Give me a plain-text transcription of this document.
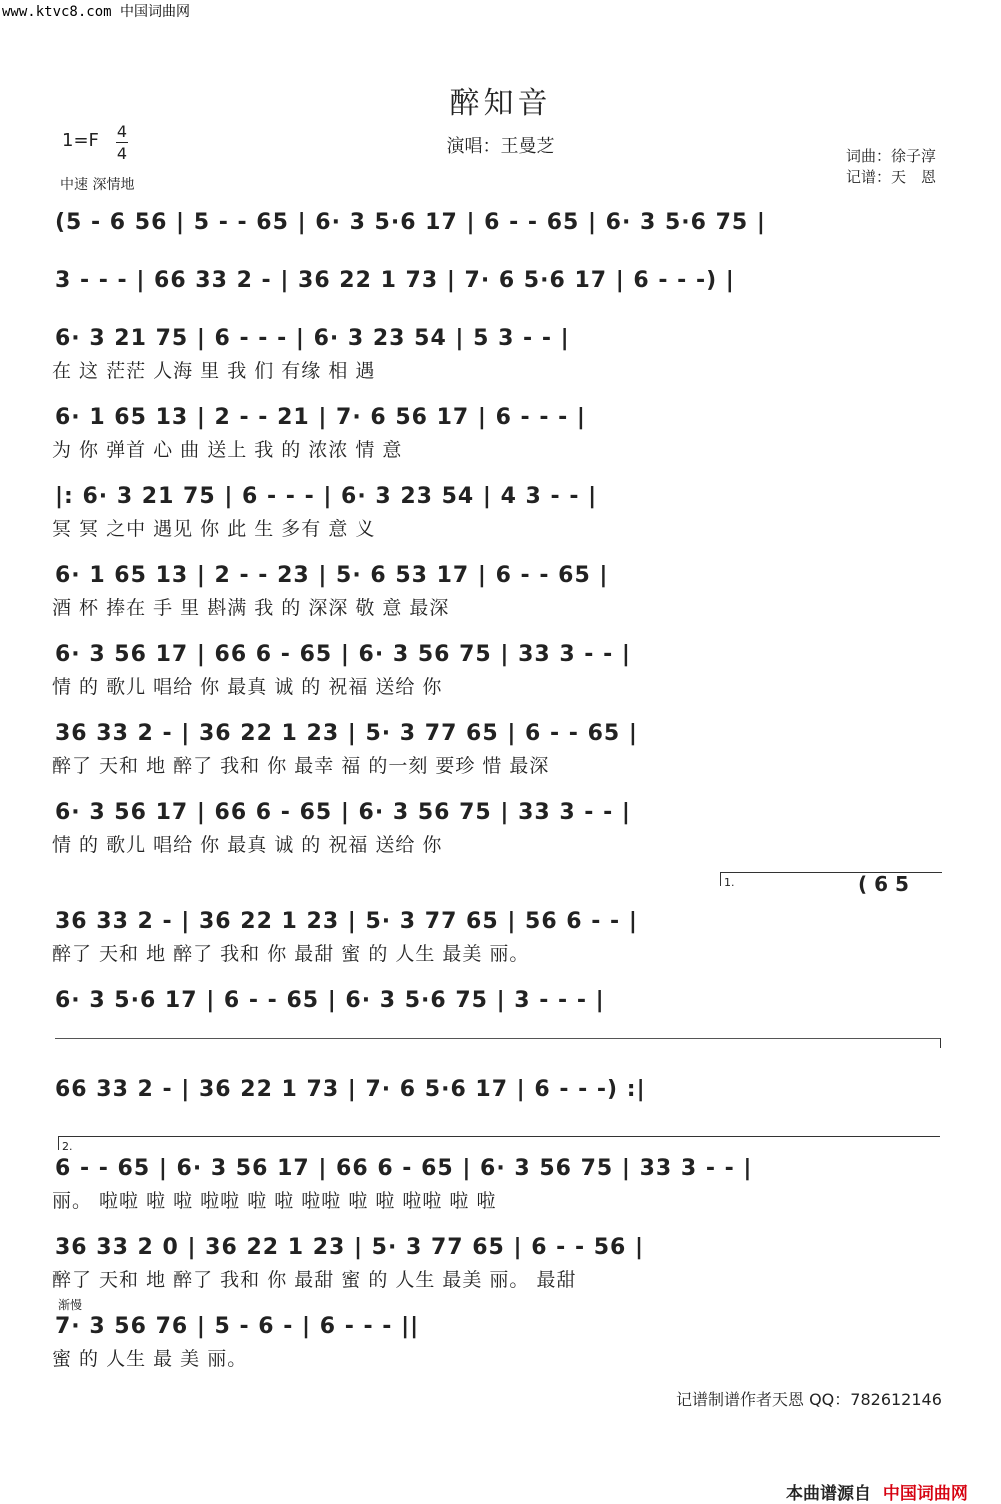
www.ktvc8.com 中国词曲网
醉知音
1=F 4
4	演唱：王曼芝	词曲：徐子淳
记谱：天　恩
中速 深情地
(5 - 6 56 | 5 - - 65 | 6· 3 5·6 17 | 6 - - 65 | 6· 3 5·6 75 |
3 - - - | 66 33 2 - | 36 22 1 73 | 7· 6 5·6 17 | 6 - - -) |
6· 3 21 75 | 6 - - - | 6· 3 23 54 | 5 3 - - |
在 这 茫茫 人海 里 我 们 有缘 相 遇
6· 1 65 13 | 2 - - 21 | 7· 6 56 17 | 6 - - - |
为 你 弹首 心 曲 送上 我 的 浓浓 情 意
|: 6· 3 21 75 | 6 - - - | 6· 3 23 54 | 4 3 - - |
冥 冥 之中 遇见 你 此 生 多有 意 义
6· 1 65 13 | 2 - - 23 | 5· 6 53 17 | 6 - - 65 |
酒 杯 捧在 手 里 斟满 我 的 深深 敬 意 最深
6· 3 56 17 | 66 6 - 65 | 6· 3 56 75 | 33 3 - - |
情 的 歌儿 唱给 你 最真 诚 的 祝福 送给 你
36 33 2 - | 36 22 1 23 | 5· 3 77 65 | 6 - - 65 |
醉了 天和 地 醉了 我和 你 最幸 福 的一刻 要珍 惜 最深
6· 3 56 17 | 66 6 - 65 | 6· 3 56 75 | 33 3 - - |
情 的 歌儿 唱给 你 最真 诚 的 祝福 送给 你
1.	( 6 5
36 33 2 - | 36 22 1 23 | 5· 3 77 65 | 56 6 - - |
醉了 天和 地 醉了 我和 你 最甜 蜜 的 人生 最美 丽。
6· 3 5·6 17 | 6 - - 65 | 6· 3 5·6 75 | 3 - - - |
66 33 2 - | 36 22 1 73 | 7· 6 5·6 17 | 6 - - -) :|
2.
6 - - 65 | 6· 3 56 17 | 66 6 - 65 | 6· 3 56 75 | 33 3 - - |
丽。 啦啦 啦 啦 啦啦 啦 啦 啦啦 啦 啦 啦啦 啦 啦
36 33 2 0 | 36 22 1 23 | 5· 3 77 65 | 6 - - 56 |
醉了 天和 地 醉了 我和 你 最甜 蜜 的 人生 最美 丽。 最甜
渐慢
7· 3 56 76 | 5 - 6 - | 6 - - - ||
蜜 的 人生 最 美 丽。
记谱制谱作者天恩 QQ：782612146
本曲谱源自 中国词曲网
